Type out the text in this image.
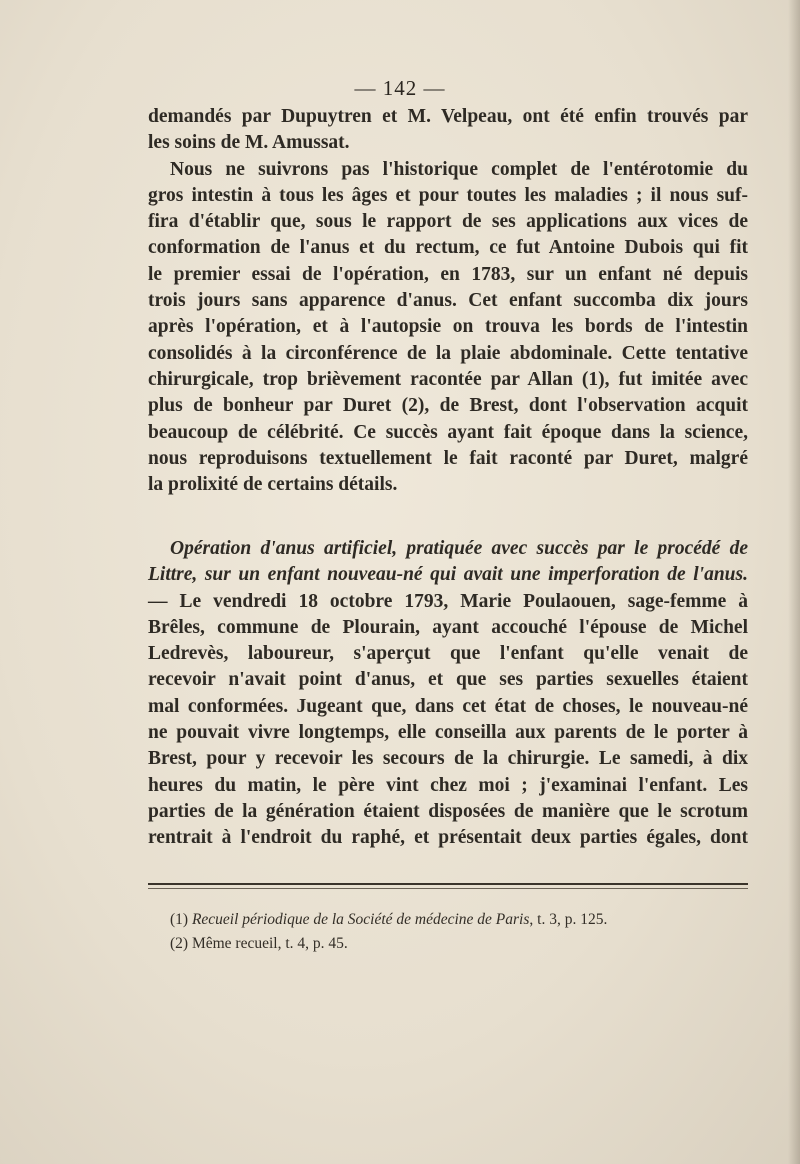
— 142 —
demandés par Dupuytren et M. Velpeau, ont été enfin trouvés par
les soins de M. Amussat.
Nous ne suivrons pas l'historique complet de l'entérotomie du
gros intestin à tous les âges et pour toutes les maladies ; il nous suf-
fira d'établir que, sous le rapport de ses applications aux vices de
conformation de l'anus et du rectum, ce fut Antoine Dubois qui fit
le premier essai de l'opération, en 1783, sur un enfant né depuis
trois jours sans apparence d'anus. Cet enfant succomba dix jours
après l'opération, et à l'autopsie on trouva les bords de l'intestin
consolidés à la circonférence de la plaie abdominale. Cette tentative
chirurgicale, trop brièvement racontée par Allan (1), fut imitée avec
plus de bonheur par Duret (2), de Brest, dont l'observation acquit
beaucoup de célébrité. Ce succès ayant fait époque dans la science,
nous reproduisons textuellement le fait raconté par Duret, malgré
la prolixité de certains détails.
Opération d'anus artificiel, pratiquée avec succès par le procédé de
Littre, sur un enfant nouveau-né qui avait une imperforation de l'anus.
— Le vendredi 18 octobre 1793, Marie Poulaouen, sage-femme à
Brêles, commune de Plourain, ayant accouché l'épouse de Michel
Ledrevès, laboureur, s'aperçut que l'enfant qu'elle venait de
recevoir n'avait point d'anus, et que ses parties sexuelles étaient
mal conformées. Jugeant que, dans cet état de choses, le nouveau-né
ne pouvait vivre longtemps, elle conseilla aux parents de le porter à
Brest, pour y recevoir les secours de la chirurgie. Le samedi, à dix
heures du matin, le père vint chez moi ; j'examinai l'enfant. Les
parties de la génération étaient disposées de manière que le scrotum
rentrait à l'endroit du raphé, et présentait deux parties égales, dont
(1) Recueil périodique de la Société de médecine de Paris, t. 3, p. 125.
(2) Même recueil, t. 4, p. 45.
